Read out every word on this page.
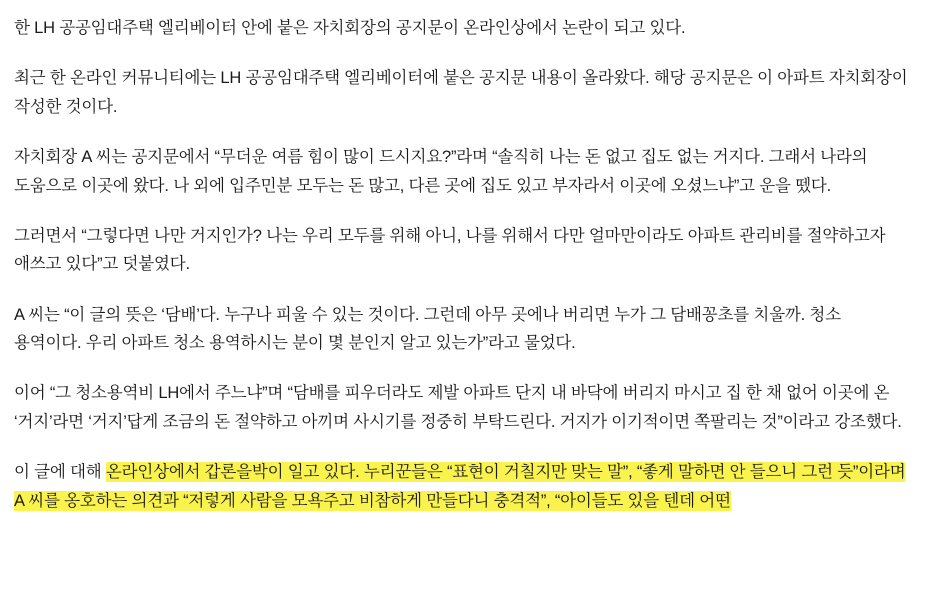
한 LH 공공임대주택 엘리베이터 안에 붙은 자치회장의 공지문이 온라인상에서 논란이 되고 있다.

최근 한 온라인 커뮤니티에는 LH 공공임대주택 엘리베이터에 붙은 공지문 내용이 올라왔다. 해당 공지문은 이 아파트 자치회장이 작성한 것이다.

자치회장 A 씨는 공지문에서 “무더운 여름 힘이 많이 드시지요?”라며 “솔직히 나는 돈 없고 집도 없는 거지다. 그래서 나라의 도움으로 이곳에 왔다. 나 외에 입주민분 모두는 돈 많고, 다른 곳에 집도 있고 부자라서 이곳에 오셨느냐”고 운을 뗐다.

그러면서 “그렇다면 나만 거지인가? 나는 우리 모두를 위해 아니, 나를 위해서 다만 얼마만이라도 아파트 관리비를 절약하고자 애쓰고 있다”고 덧붙였다.

A 씨는 “이 글의 뜻은 ‘담배’다. 누구나 피울 수 있는 것이다. 그런데 아무 곳에나 버리면 누가 그 담배꽁초를 치울까. 청소 용역이다. 우리 아파트 청소 용역하시는 분이 몇 분인지 알고 있는가”라고 물었다.

이어 “그 청소용역비 LH에서 주느냐”며 “담배를 피우더라도 제발 아파트 단지 내 바닥에 버리지 마시고 집 한 채 없어 이곳에 온 ‘거지’라면 ‘거지’답게 조금의 돈 절약하고 아끼며 사시기를 정중히 부탁드린다. 거지가 이기적이면 쪽팔리는 것”이라고 강조했다.

이 글에 대해 온라인상에서 갑론을박이 일고 있다. 누리꾼들은 “표현이 거칠지만 맞는 말”, “좋게 말하면 안 들으니 그런 듯”이라며 A 씨를 옹호하는 의견과 “저렇게 사람을 모욕주고 비참하게 만들다니 충격적”, “아이들도 있을 텐데 어떤
